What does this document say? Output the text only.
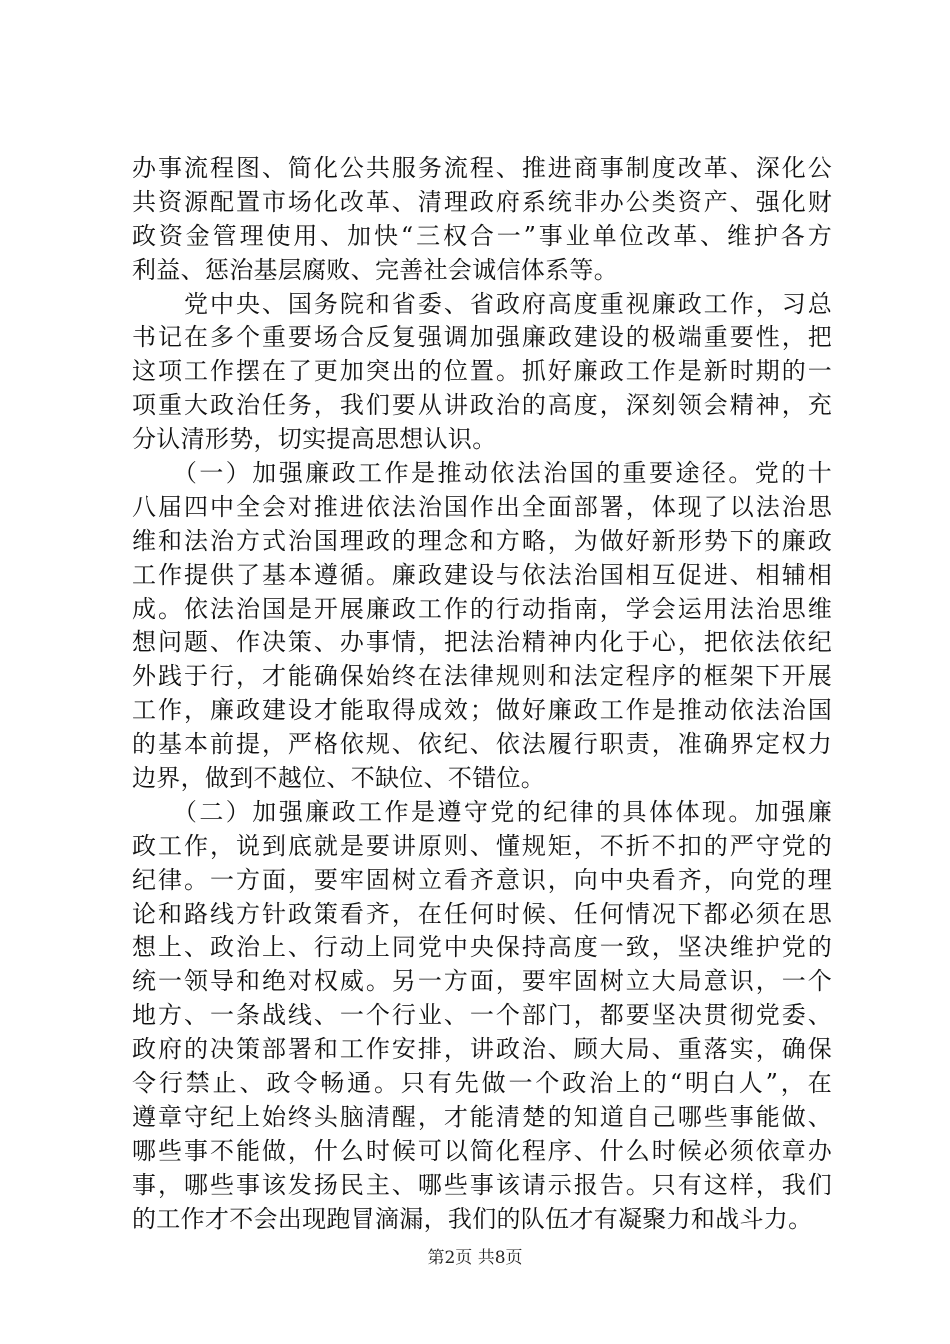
办事流程图、简化公共服务流程、推进商事制度改革、深化公
共资源配置市场化改革、清理政府系统非办公类资产、强化财
政资金管理使用、加快“三权合一”事业单位改革、维护各方
利益、惩治基层腐败、完善社会诚信体系等。
　　党中央、国务院和省委、省政府高度重视廉政工作，习总
书记在多个重要场合反复强调加强廉政建设的极端重要性，把
这项工作摆在了更加突出的位置。抓好廉政工作是新时期的一
项重大政治任务，我们要从讲政治的高度，深刻领会精神，充
分认清形势，切实提高思想认识。
　　（一）加强廉政工作是推动依法治国的重要途径。党的十
八届四中全会对推进依法治国作出全面部署，体现了以法治思
维和法治方式治国理政的理念和方略，为做好新形势下的廉政
工作提供了基本遵循。廉政建设与依法治国相互促进、相辅相
成。依法治国是开展廉政工作的行动指南，学会运用法治思维
想问题、作决策、办事情，把法治精神内化于心，把依法依纪
外践于行，才能确保始终在法律规则和法定程序的框架下开展
工作，廉政建设才能取得成效；做好廉政工作是推动依法治国
的基本前提，严格依规、依纪、依法履行职责，准确界定权力
边界，做到不越位、不缺位、不错位。
　　（二）加强廉政工作是遵守党的纪律的具体体现。加强廉
政工作，说到底就是要讲原则、懂规矩，不折不扣的严守党的
纪律。一方面，要牢固树立看齐意识，向中央看齐，向党的理
论和路线方针政策看齐，在任何时候、任何情况下都必须在思
想上、政治上、行动上同党中央保持高度一致，坚决维护党的
统一领导和绝对权威。另一方面，要牢固树立大局意识，一个
地方、一条战线、一个行业、一个部门，都要坚决贯彻党委、
政府的决策部署和工作安排，讲政治、顾大局、重落实，确保
令行禁止、政令畅通。只有先做一个政治上的“明白人”，在
遵章守纪上始终头脑清醒，才能清楚的知道自己哪些事能做、
哪些事不能做，什么时候可以简化程序、什么时候必须依章办
事，哪些事该发扬民主、哪些事该请示报告。只有这样，我们
的工作才不会出现跑冒滴漏，我们的队伍才有凝聚力和战斗力。
第2页 共8页
